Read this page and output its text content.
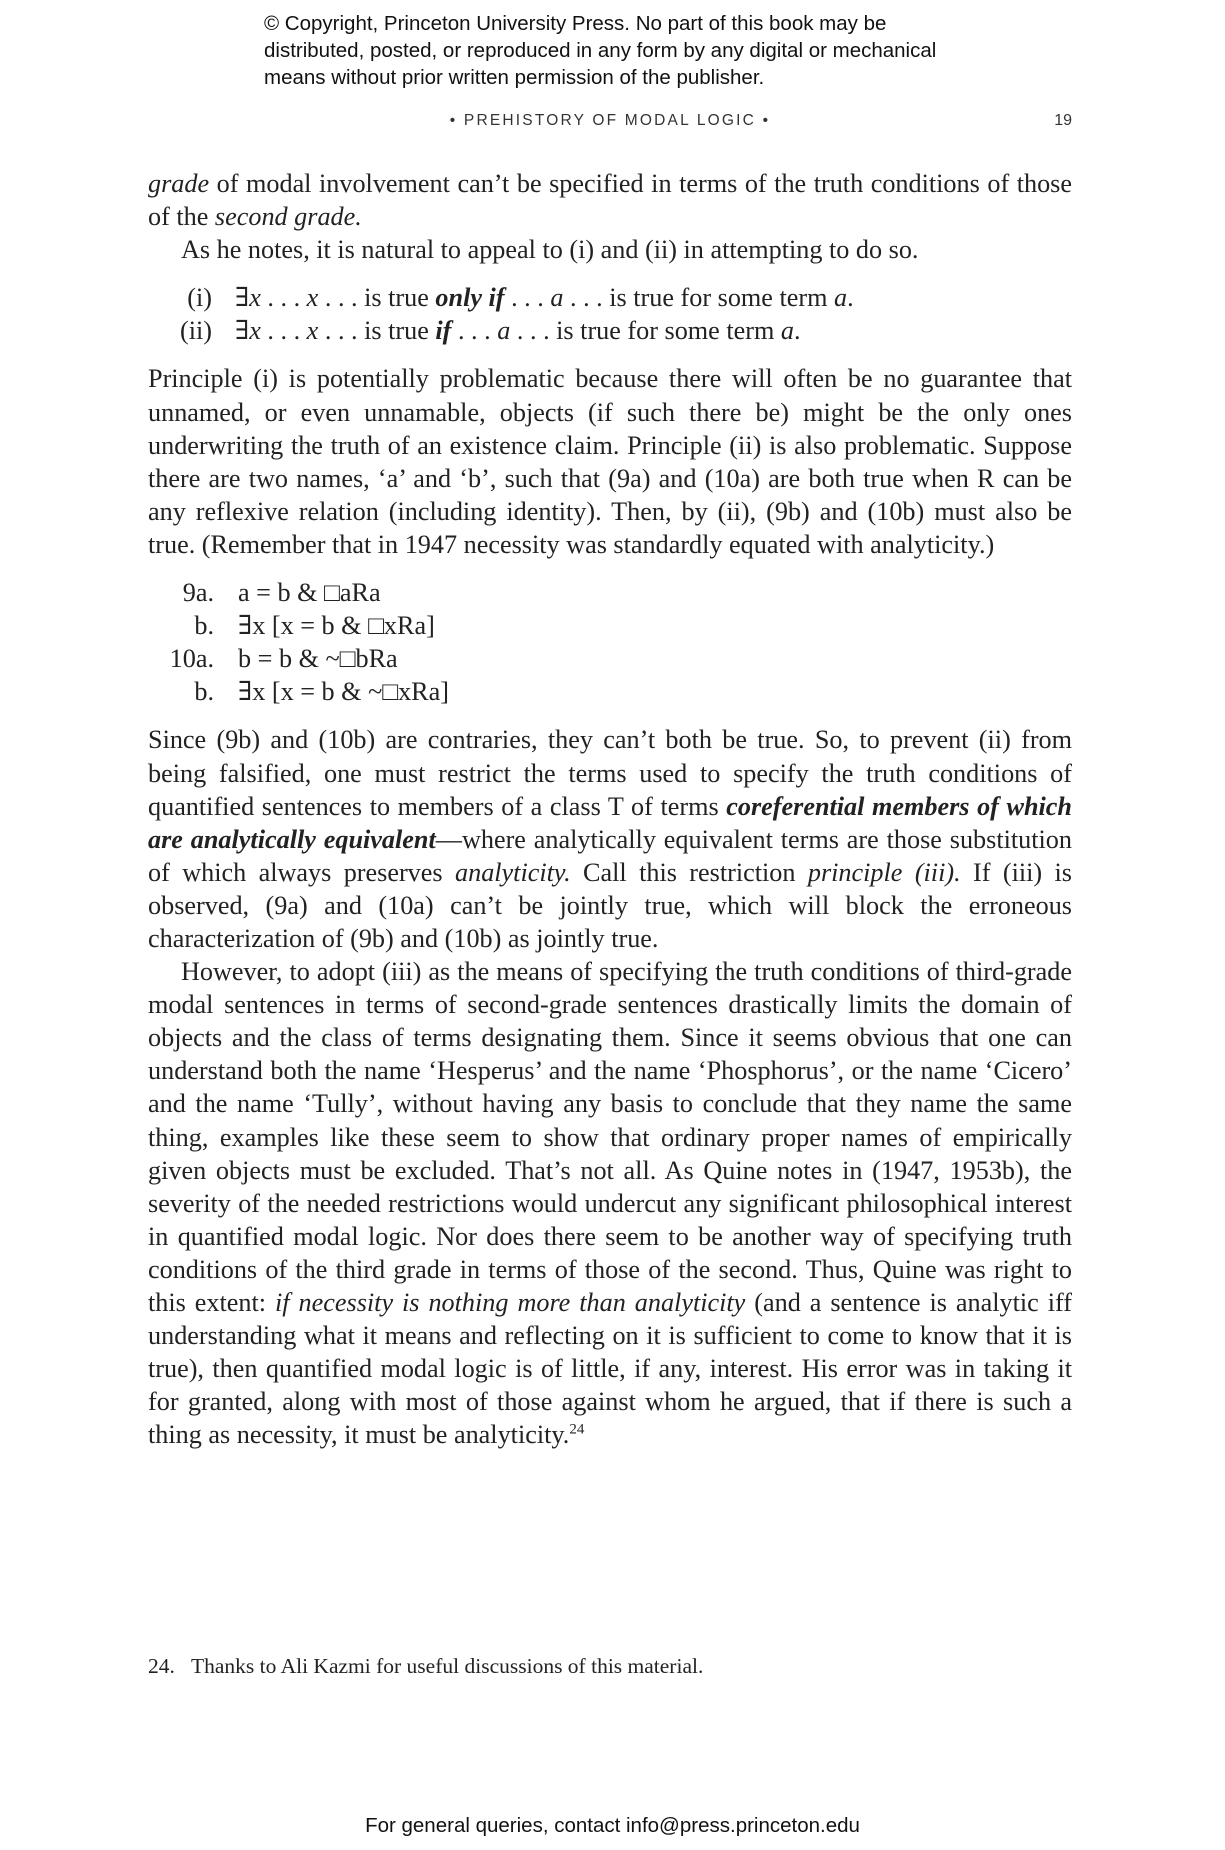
© Copyright, Princeton University Press. No part of this book may be
distributed, posted, or reproduced in any form by any digital or mechanical
means without prior written permission of the publisher.
• PREHISTORY OF MODAL LOGIC •	19

grade of modal involvement can’t be specified in terms of the truth conditions of those of the second grade.

As he notes, it is natural to appeal to (i) and (ii) in attempting to do so.

(i) ∃x . . . x . . . is true only if . . . a . . . is true for some term a.
(ii) ∃x . . . x . . . is true if . . . a . . . is true for some term a.

Principle (i) is potentially problematic because there will often be no guarantee that unnamed, or even unnamable, objects (if such there be) might be the only ones underwriting the truth of an existence claim. Principle (ii) is also problematic. Suppose there are two names, ‘a’ and ‘b’, such that (9a) and (10a) are both true when R can be any reflexive relation (including identity). Then, by (ii), (9b) and (10b) must also be true. (Remember that in 1947 necessity was standardly equated with analyticity.)

9a. a = b & □aRa
b. ∃x [x = b & □xRa]
10a. b = b & ~□bRa
b. ∃x [x = b & ~□xRa]

Since (9b) and (10b) are contraries, they can’t both be true. So, to prevent (ii) from being falsified, one must restrict the terms used to specify the truth conditions of quantified sentences to members of a class T of terms coreferential members of which are analytically equivalent—where analytically equivalent terms are those substitution of which always preserves analyticity. Call this restriction principle (iii). If (iii) is observed, (9a) and (10a) can’t be jointly true, which will block the erroneous characterization of (9b) and (10b) as jointly true.

However, to adopt (iii) as the means of specifying the truth conditions of third-grade modal sentences in terms of second-grade sentences drastically limits the domain of objects and the class of terms designating them. Since it seems obvious that one can understand both the name ‘Hesperus’ and the name ‘Phosphorus’, or the name ‘Cicero’ and the name ‘Tully’, without having any basis to conclude that they name the same thing, examples like these seem to show that ordinary proper names of empirically given objects must be excluded. That’s not all. As Quine notes in (1947, 1953b), the severity of the needed restrictions would undercut any significant philosophical interest in quantified modal logic. Nor does there seem to be another way of specifying truth conditions of the third grade in terms of those of the second. Thus, Quine was right to this extent: if necessity is nothing more than analyticity (and a sentence is analytic iff understanding what it means and reflecting on it is sufficient to come to know that it is true), then quantified modal logic is of little, if any, interest. His error was in taking it for granted, along with most of those against whom he argued, that if there is such a thing as necessity, it must be analyticity.$^{24}$

24. Thanks to Ali Kazmi for useful discussions of this material.
For general queries, contact info@press.princeton.edu
